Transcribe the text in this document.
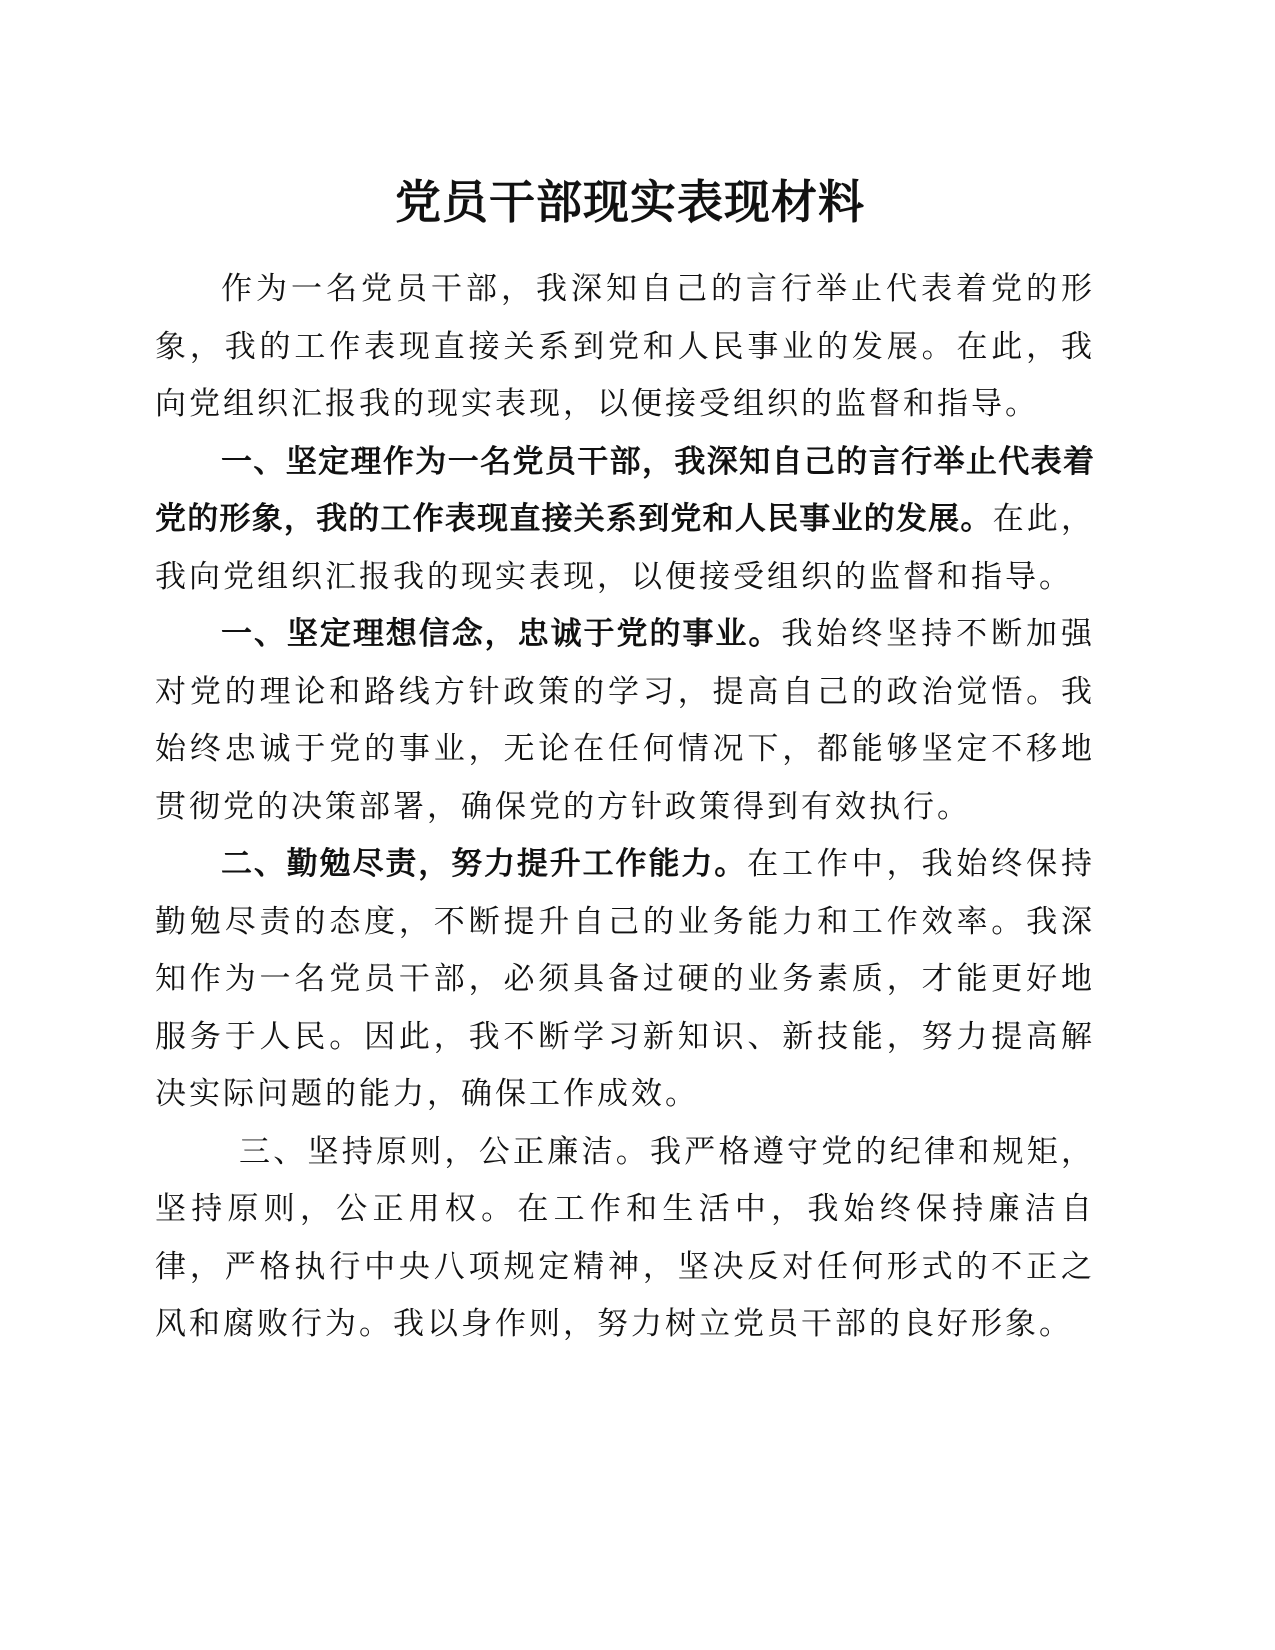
党员干部现实表现材料

作为一名党员干部，我深知自己的言行举止代表着党的形象，我的工作表现直接关系到党和人民事业的发展。在此，我向党组织汇报我的现实表现，以便接受组织的监督和指导。

一、坚定理作为一名党员干部，我深知自己的言行举止代表着党的形象，我的工作表现直接关系到党和人民事业的发展。在此，我向党组织汇报我的现实表现，以便接受组织的监督和指导。

一、坚定理想信念，忠诚于党的事业。我始终坚持不断加强对党的理论和路线方针政策的学习，提高自己的政治觉悟。我始终忠诚于党的事业，无论在任何情况下，都能够坚定不移地贯彻党的决策部署，确保党的方针政策得到有效执行。

二、勤勉尽责，努力提升工作能力。在工作中，我始终保持勤勉尽责的态度，不断提升自己的业务能力和工作效率。我深知作为一名党员干部，必须具备过硬的业务素质，才能更好地服务于人民。因此，我不断学习新知识、新技能，努力提高解决实际问题的能力，确保工作成效。

三、坚持原则，公正廉洁。我严格遵守党的纪律和规矩，坚持原则，公正用权。在工作和生活中，我始终保持廉洁自律，严格执行中央八项规定精神，坚决反对任何形式的不正之风和腐败行为。我以身作则，努力树立党员干部的良好形象。
